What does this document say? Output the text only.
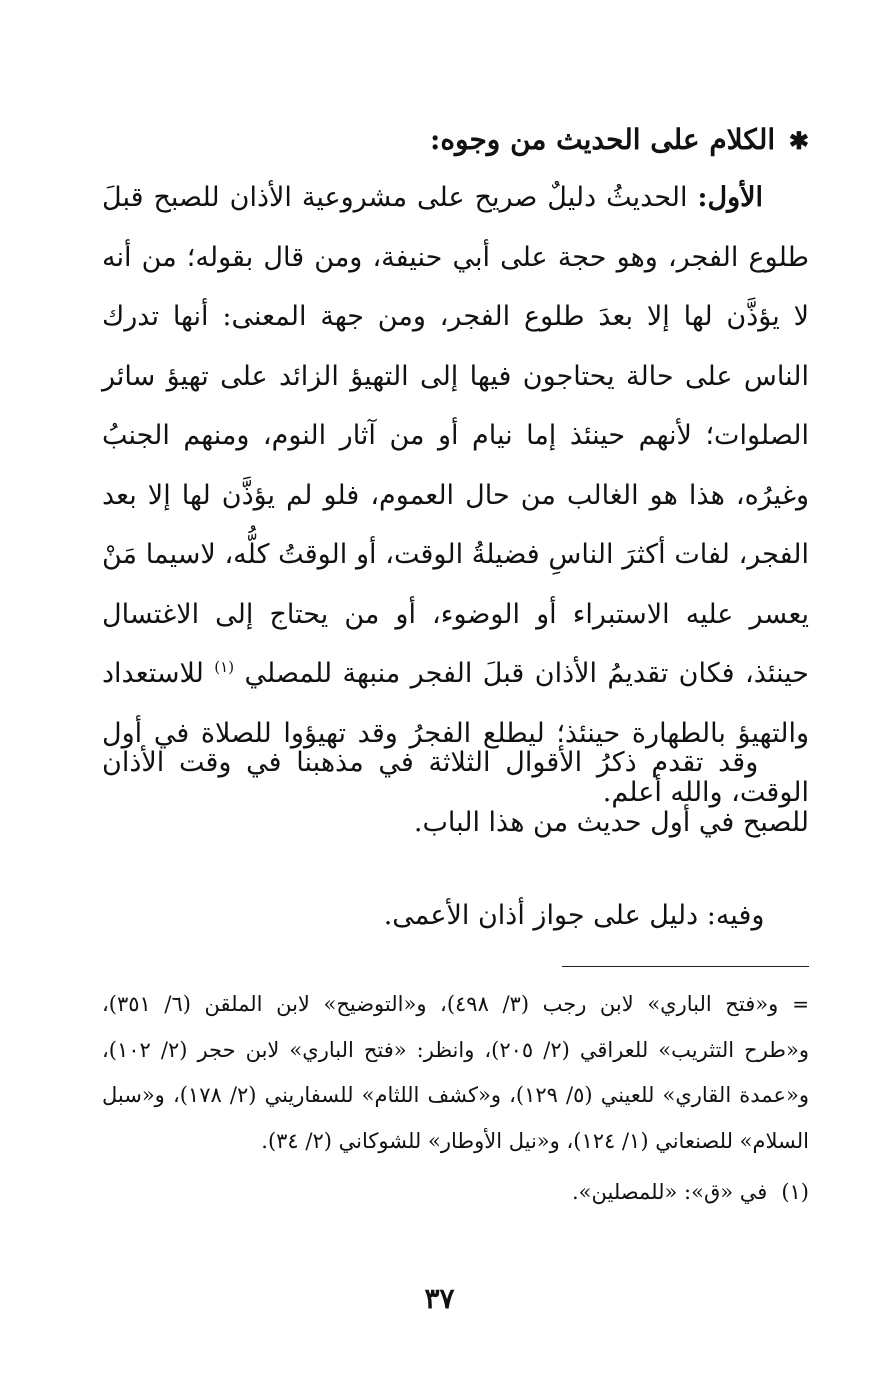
✱ الكلام على الحديث من وجوه:
الأول: الحديثُ دليلٌ صريح على مشروعية الأذان للصبح قبلَ طلوع الفجر، وهو حجة على أبي حنيفة، ومن قال بقوله؛ من أنه لا يؤذَّن لها إلا بعدَ طلوع الفجر، ومن جهة المعنى: أنها تدرك الناس على حالة يحتاجون فيها إلى التهيؤ الزائد على تهيؤ سائر الصلوات؛ لأنهم حينئذ إما نيام أو من آثار النوم، ومنهم الجنبُ وغيرُه، هذا هو الغالب من حال العموم، فلو لم يؤذَّن لها إلا بعد الفجر، لفات أكثرَ الناسِ فضيلةُ الوقت، أو الوقتُ كلُّه، لاسيما مَنْ يعسر عليه الاستبراء أو الوضوء، أو من يحتاج إلى الاغتسال حينئذ، فكان تقديمُ الأذان قبلَ الفجر منبهة للمصلي $^{(١)}$ للاستعداد والتهيؤ بالطهارة حينئذ؛ ليطلع الفجرُ وقد تهيؤوا للصلاة في أول الوقت، والله أعلم.
وقد تقدم ذكرُ الأقوال الثلاثة في مذهبنا في وقت الأذان للصبح في أول حديث من هذا الباب.
وفيه: دليل على جواز أذان الأعمى.
=و«فتح الباري» لابن رجب (٣/ ٤٩٨)، و«التوضيح» لابن الملقن (٦/ ٣٥١)، و«طرح التثريب» للعراقي (٢/ ٢٠٥)، وانظر: «فتح الباري» لابن حجر (٢/ ١٠٢)، و«عمدة القاري» للعيني (٥/ ١٢٩)، و«كشف اللثام» للسفاريني (٢/ ١٧٨)، و«سبل السلام» للصنعاني (١/ ١٢٤)، و«نيل الأوطار» للشوكاني (٢/ ٣٤).
(١)في «ق»: «للمصلين».
٣٧
